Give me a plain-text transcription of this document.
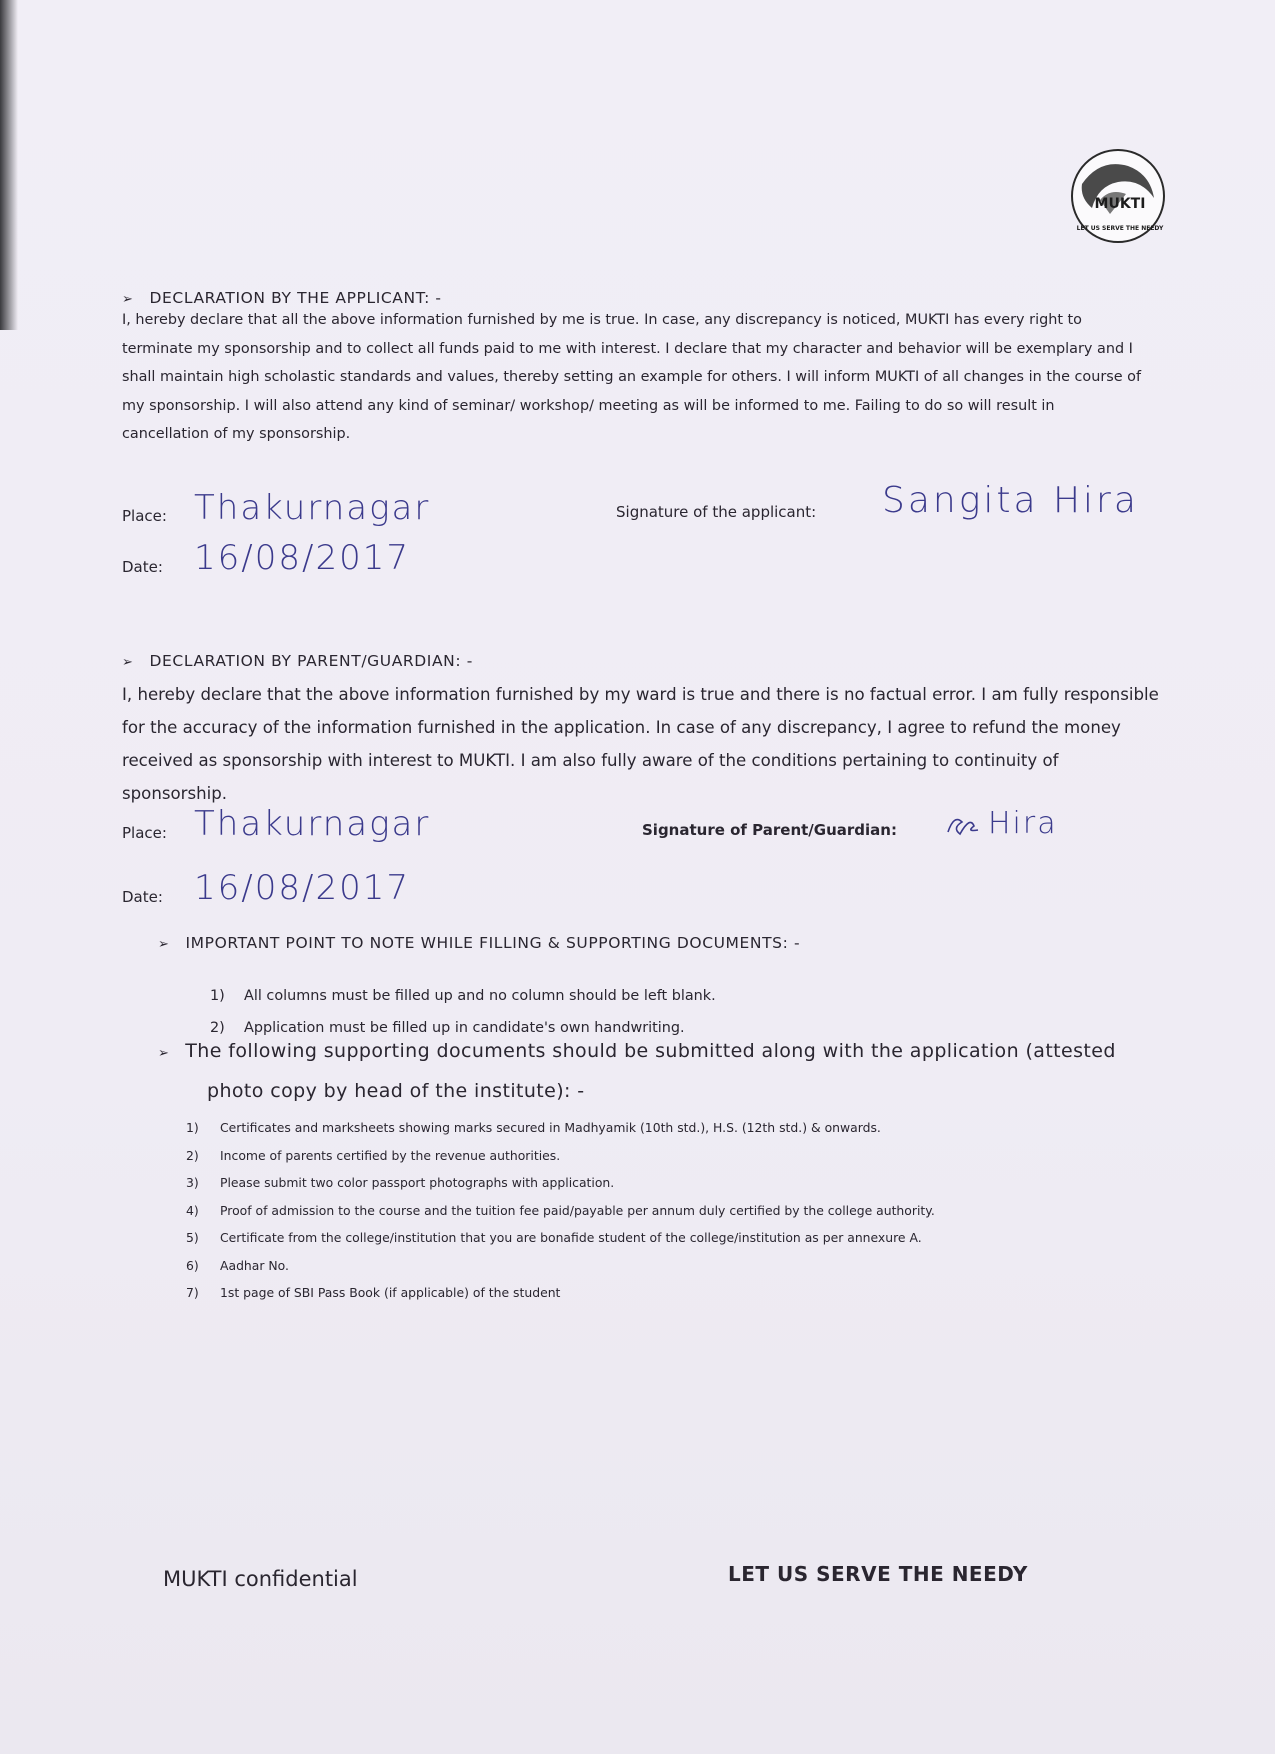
MUKTI
LET US SERVE THE NEEDY
➢ DECLARATION BY THE APPLICANT: -
I, hereby declare that all the above information furnished by me is true. In case, any discrepancy is noticed, MUKTI has every right to terminate my sponsorship and to collect all funds paid to me with interest. I declare that my character and behavior will be exemplary and I shall maintain high scholastic standards and values, thereby setting an example for others. I will inform MUKTI of all changes in the course of my sponsorship. I will also attend any kind of seminar/ workshop/ meeting as will be informed to me. Failing to do so will result in cancellation of my sponsorship.
Place: Thakurnagar	Signature of the applicant: Sangita Hira
Date: 16/08/2017
➢ DECLARATION BY PARENT/GUARDIAN: -
I, hereby declare that the above information furnished by my ward is true and there is no factual error. I am fully responsible for the accuracy of the information furnished in the application. In case of any discrepancy, I agree to refund the money received as sponsorship with interest to MUKTI. I am also fully aware of the conditions pertaining to continuity of sponsorship.
Place: Thakurnagar	Signature of Parent/Guardian:	Hira
Date: 16/08/2017
➢ IMPORTANT POINT TO NOTE WHILE FILLING & SUPPORTING DOCUMENTS: -
1) All columns must be filled up and no column should be left blank.
2) Application must be filled up in candidate's own handwriting.
➢ The following supporting documents should be submitted along with the application (attested
photo copy by head of the institute): -
1) Certificates and marksheets showing marks secured in Madhyamik (10th std.), H.S. (12th std.) & onwards.
2) Income of parents certified by the revenue authorities.
3) Please submit two color passport photographs with application.
4) Proof of admission to the course and the tuition fee paid/payable per annum duly certified by the college authority.
5) Certificate from the college/institution that you are bonafide student of the college/institution as per annexure A.
6) Aadhar No.
7) 1st page of SBI Pass Book (if applicable) of the student
MUKTI confidential	LET US SERVE THE NEEDY
